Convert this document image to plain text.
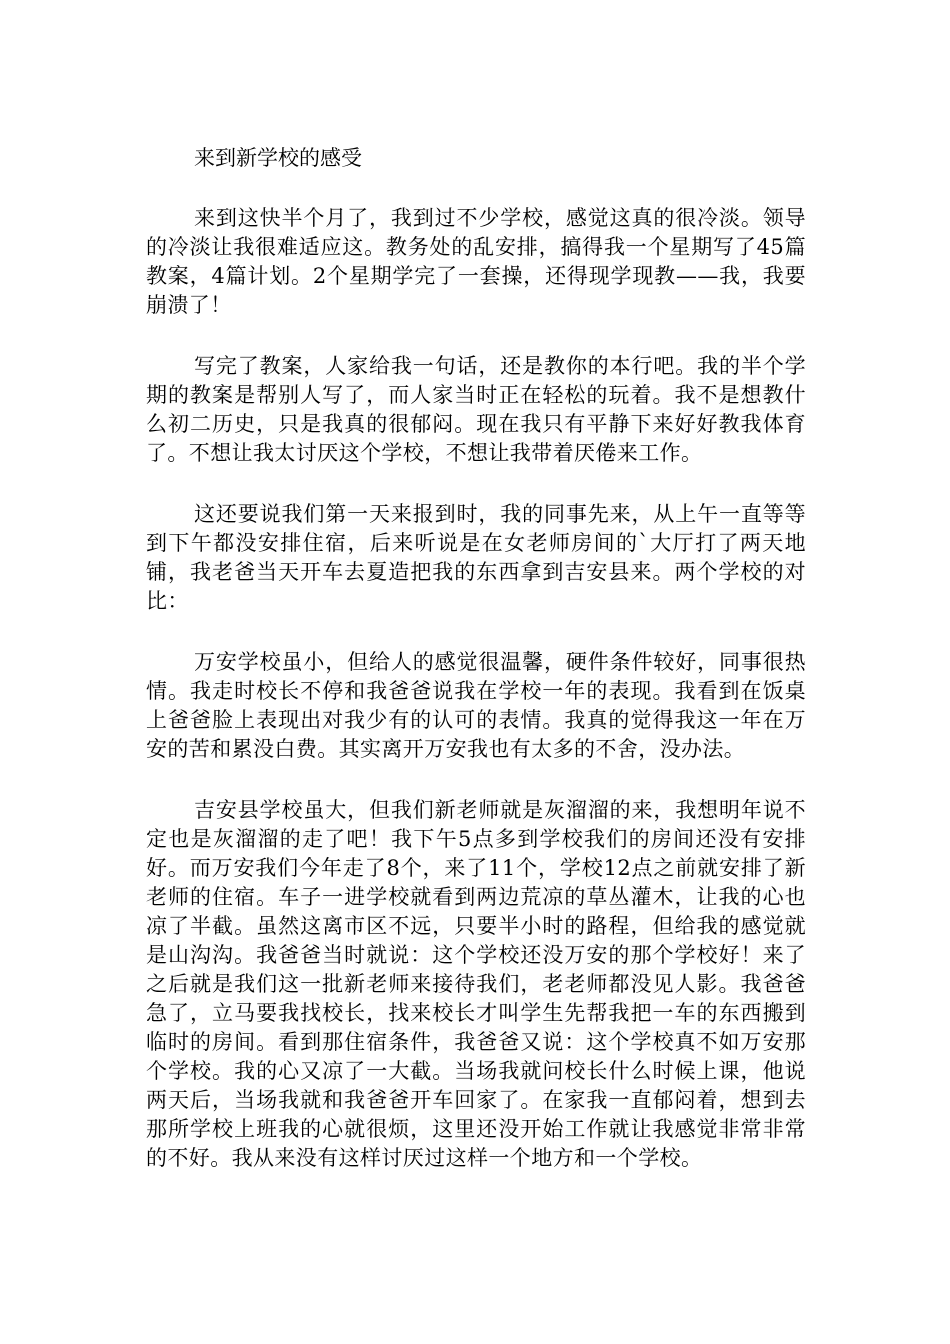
来到新学校的感受

来到这快半个月了，我到过不少学校，感觉这真的很冷淡。领导的冷淡让我很难适应这。教务处的乱安排，搞得我一个星期写了45篇教案，4篇计划。2个星期学完了一套操，还得现学现教——我，我要崩溃了！

写完了教案，人家给我一句话，还是教你的本行吧。我的半个学期的教案是帮别人写了，而人家当时正在轻松的玩着。我不是想教什么初二历史，只是我真的很郁闷。现在我只有平静下来好好教我体育了。不想让我太讨厌这个学校，不想让我带着厌倦来工作。

这还要说我们第一天来报到时，我的同事先来，从上午一直等等到下午都没安排住宿，后来听说是在女老师房间的`大厅打了两天地铺，我老爸当天开车去夏造把我的东西拿到吉安县来。两个学校的对比：

万安学校虽小，但给人的感觉很温馨，硬件条件较好，同事很热情。我走时校长不停和我爸爸说我在学校一年的表现。我看到在饭桌上爸爸脸上表现出对我少有的认可的表情。我真的觉得我这一年在万安的苦和累没白费。其实离开万安我也有太多的不舍，没办法。

吉安县学校虽大，但我们新老师就是灰溜溜的来，我想明年说不定也是灰溜溜的走了吧！我下午5点多到学校我们的房间还没有安排好。而万安我们今年走了8个，来了11个，学校12点之前就安排了新老师的住宿。车子一进学校就看到两边荒凉的草丛灌木，让我的心也凉了半截。虽然这离市区不远，只要半小时的路程，但给我的感觉就是山沟沟。我爸爸当时就说：这个学校还没万安的那个学校好！来了之后就是我们这一批新老师来接待我们，老老师都没见人影。我爸爸急了，立马要我找校长，找来校长才叫学生先帮我把一车的东西搬到临时的房间。看到那住宿条件，我爸爸又说：这个学校真不如万安那个学校。我的心又凉了一大截。当场我就问校长什么时候上课，他说两天后，当场我就和我爸爸开车回家了。在家我一直郁闷着，想到去那所学校上班我的心就很烦，这里还没开始工作就让我感觉非常非常的不好。我从来没有这样讨厌过这样一个地方和一个学校。
